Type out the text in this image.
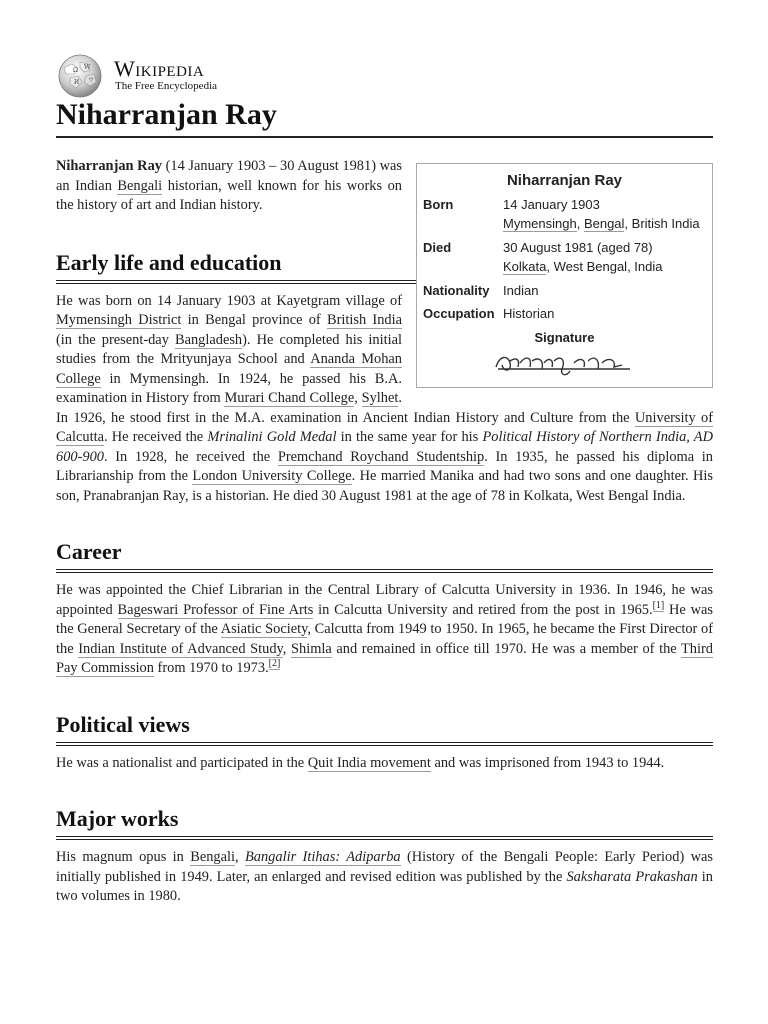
Ω W
И ウ Wikipedia
The Free Encyclopedia
Niharranjan Ray
Niharranjan Ray
Born	14 January 1903
Mymensingh, Bengal, British India
Died	30 August 1981 (aged 78)
Kolkata, West Bengal, India
Nationality	Indian
Occupation Historian
Signature

Niharranjan Ray (14 January 1903 – 30 August 1981) was an Indian Bengali historian, well known for his works on the history of art and Indian history.

Early life and education

He was born on 14 January 1903 at Kayetgram village of Mymensingh District in Bengal province of British India (in the present-day Bangladesh). He completed his initial studies from the Mrityunjaya School and Ananda Mohan College in Mymensingh. In 1924, he passed his B.A. examination in History from Murari Chand College, Sylhet. In 1926, he stood first in the M.A. examination in Ancient Indian History and Culture from the University of Calcutta. He received the Mrinalini Gold Medal in the same year for his Political History of Northern India, AD 600-900. In 1928, he received the Premchand Roychand Studentship. In 1935, he passed his diploma in Librarianship from the London University College. He married Manika and had two sons and one daughter. His son, Pranabranjan Ray, is a historian. He died 30 August 1981 at the age of 78 in Kolkata, West Bengal India.

Career

He was appointed the Chief Librarian in the Central Library of Calcutta University in 1936. In 1946, he was appointed Bageswari Professor of Fine Arts in Calcutta University and retired from the post in 1965.[1] He was the General Secretary of the Asiatic Society, Calcutta from 1949 to 1950. In 1965, he became the First Director of the Indian Institute of Advanced Study, Shimla and remained in office till 1970. He was a member of the Third Pay Commission from 1970 to 1973.[2]

Political views

He was a nationalist and participated in the Quit India movement and was imprisoned from 1943 to 1944.

Major works

His magnum opus in Bengali, Bangalir Itihas: Adiparba (History of the Bengali People: Early Period) was initially published in 1949. Later, an enlarged and revised edition was published by the Saksharata Prakashan in two volumes in 1980.
